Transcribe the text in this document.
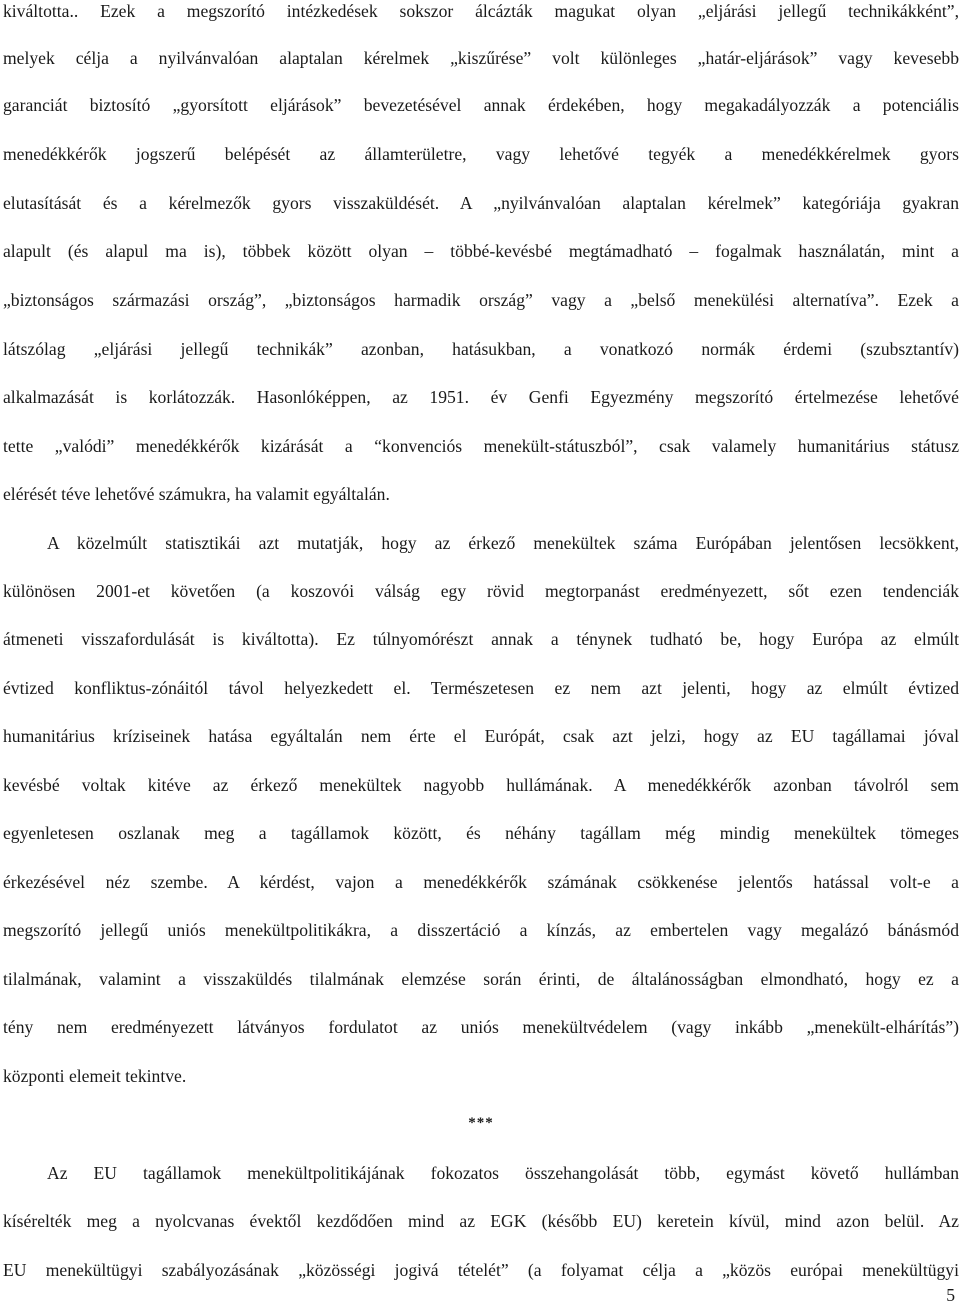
kiváltotta.. Ezek a megszorító intézkedések sokszor álcázták magukat olyan „eljárási jellegű technikákként”,
melyek célja a nyilvánvalóan alaptalan kérelmek „kiszűrése” volt különleges „határ-eljárások” vagy kevesebb
garanciát biztosító „gyorsított eljárások” bevezetésével annak érdekében, hogy megakadályozzák a potenciális
menedékkérők jogszerű belépését az államterületre, vagy lehetővé tegyék a menedékkérelmek gyors
elutasítását és a kérelmezők gyors visszaküldését. A „nyilvánvalóan alaptalan kérelmek” kategóriája gyakran
alapult (és alapul ma is), többek között olyan – többé-kevésbé megtámadható – fogalmak használatán, mint a
„biztonságos származási ország”, „biztonságos harmadik ország” vagy a „belső menekülési alternatíva”. Ezek a
látszólag „eljárási jellegű technikák” azonban, hatásukban, a vonatkozó normák érdemi (szubsztantív)
alkalmazását is korlátozzák. Hasonlóképpen, az 1951. év Genfi Egyezmény megszorító értelmezése lehetővé
tette „valódi” menedékkérők kizárását a “konvenciós menekült-státuszból”, csak valamely humanitárius státusz
elérését téve lehetővé számukra, ha valamit egyáltalán.
A közelmúlt statisztikái azt mutatják, hogy az érkező menekültek száma Európában jelentősen lecsökkent,
különösen 2001-et követően (a koszovói válság egy rövid megtorpanást eredményezett, sőt ezen tendenciák
átmeneti visszafordulását is kiváltotta). Ez túlnyomórészt annak a ténynek tudható be, hogy Európa az elmúlt
évtized konfliktus-zónáitól távol helyezkedett el. Természetesen ez nem azt jelenti, hogy az elmúlt évtized
humanitárius kríziseinek hatása egyáltalán nem érte el Európát, csak azt jelzi, hogy az EU tagállamai jóval
kevésbé voltak kitéve az érkező menekültek nagyobb hullámának. A menedékkérők azonban távolról sem
egyenletesen oszlanak meg a tagállamok között, és néhány tagállam még mindig menekültek tömeges
érkezésével néz szembe. A kérdést, vajon a menedékkérők számának csökkenése jelentős hatással volt-e a
megszorító jellegű uniós menekültpolitikákra, a disszertáció a kínzás, az embertelen vagy megalázó bánásmód
tilalmának, valamint a visszaküldés tilalmának elemzése során érinti, de általánosságban elmondható, hogy ez a
tény nem eredményezett látványos fordulatot az uniós menekültvédelem (vagy inkább „menekült-elhárítás”)
központi elemeit tekintve.
***
Az EU tagállamok menekültpolitikájának fokozatos összehangolását több, egymást követő hullámban
kísérelték meg a nyolcvanas évektől kezdődően mind az EGK (később EU) keretein kívül, mind azon belül. Az
EU menekültügyi szabályozásának „közösségi jogivá tételét” (a folyamat célja a „közös európai menekültügyi
5
